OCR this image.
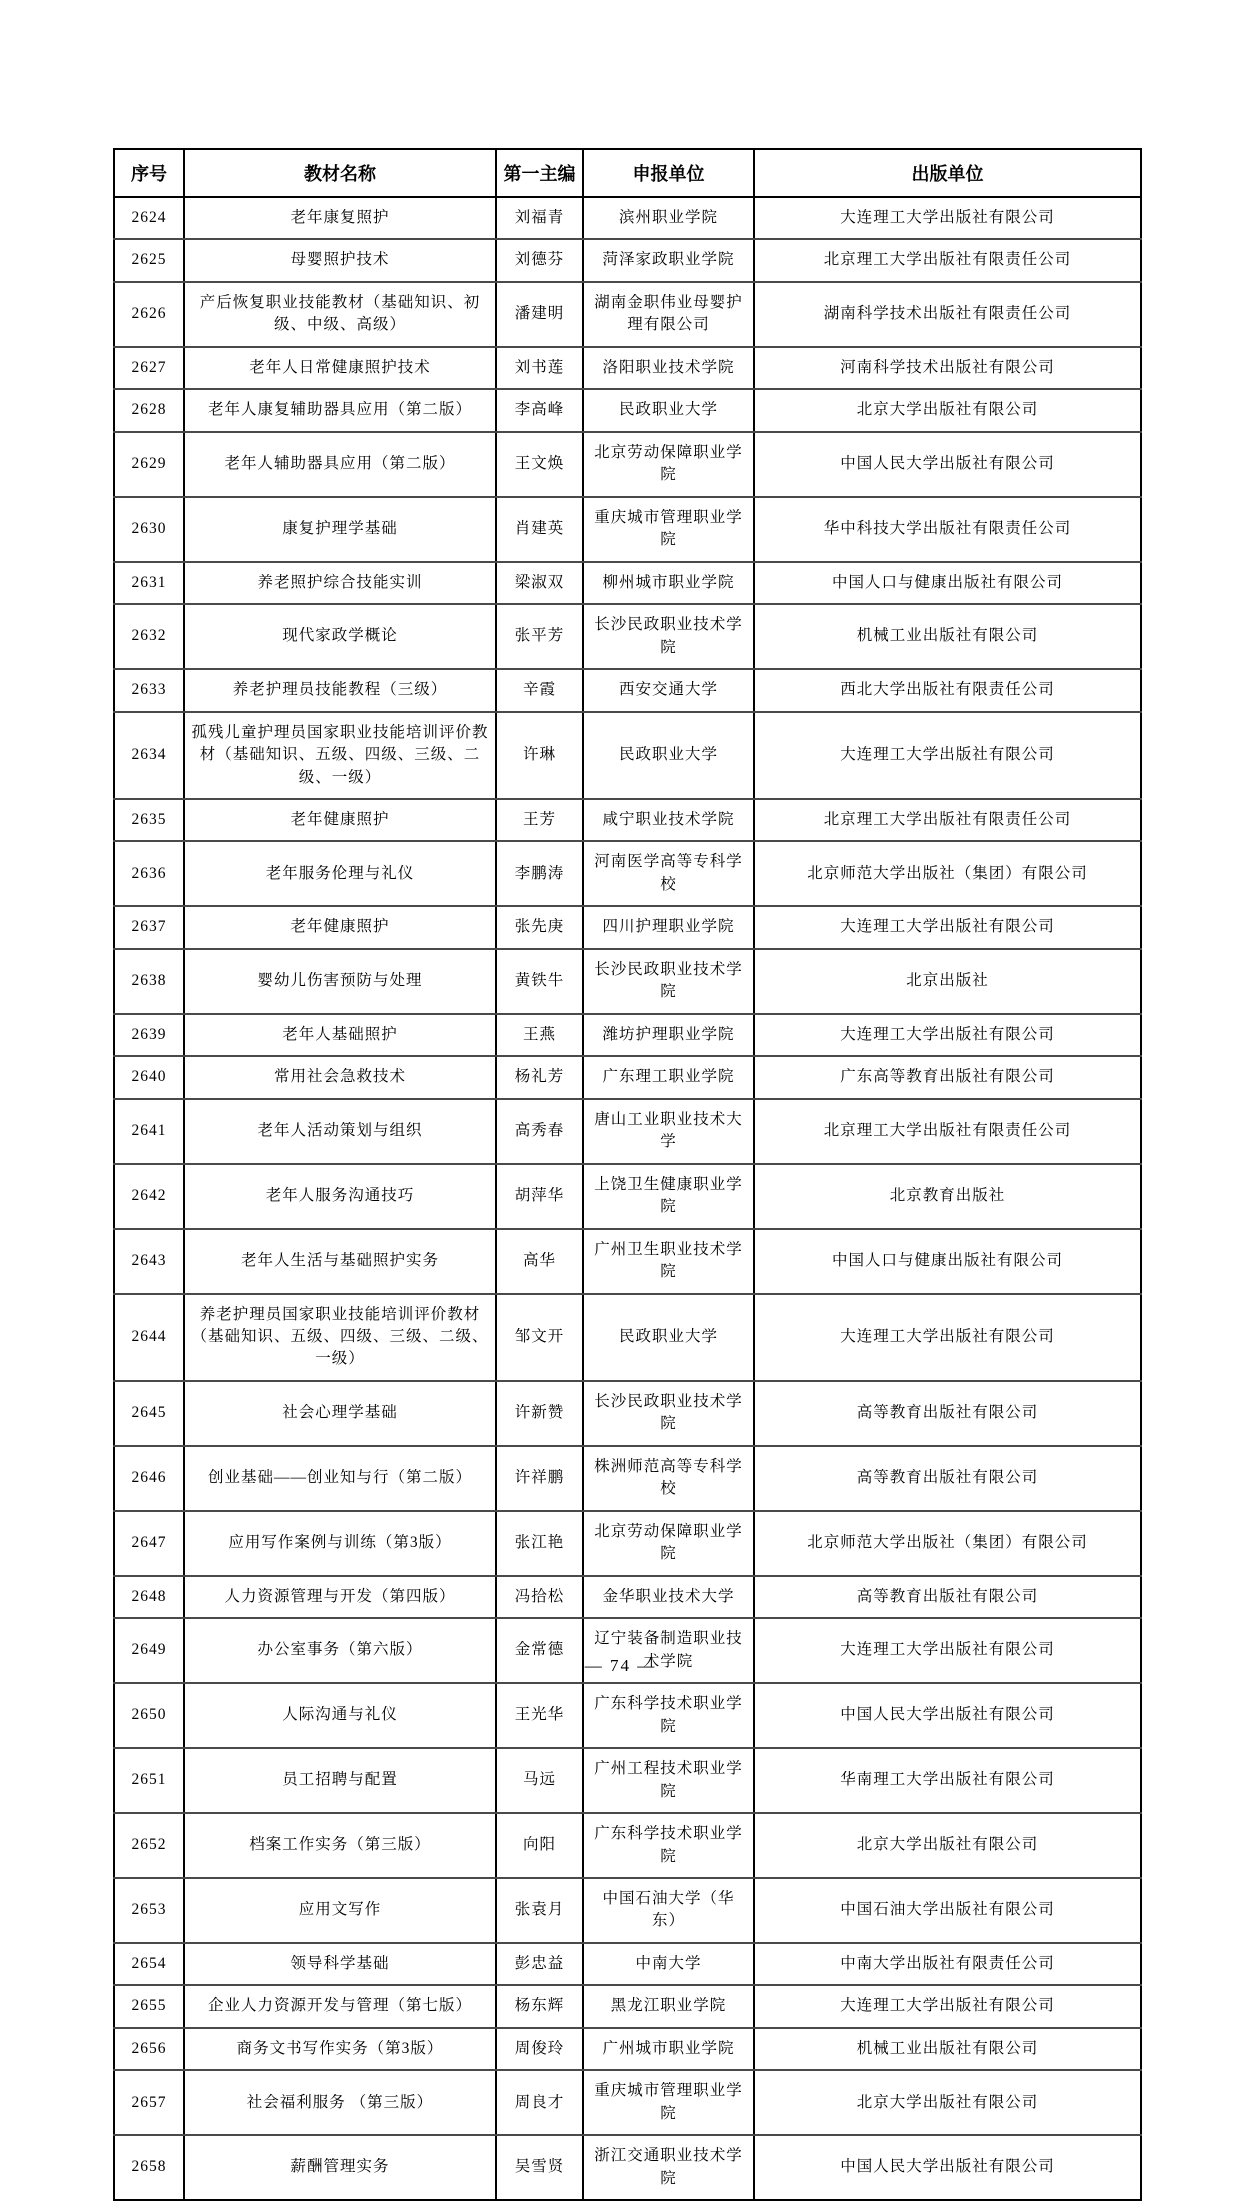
序号	教材名称	第一主编	申报单位	出版单位
2624	老年康复照护	刘福青	滨州职业学院	大连理工大学出版社有限公司
2625	母婴照护技术	刘德芬	菏泽家政职业学院	北京理工大学出版社有限责任公司
2626	产后恢复职业技能教材（基础知识、初级、中级、高级）	潘建明	湖南金职伟业母婴护理有限公司	湖南科学技术出版社有限责任公司
2627	老年人日常健康照护技术	刘书莲	洛阳职业技术学院	河南科学技术出版社有限公司
2628	老年人康复辅助器具应用（第二版）	李高峰	民政职业大学	北京大学出版社有限公司
2629	老年人辅助器具应用（第二版）	王文焕	北京劳动保障职业学院	中国人民大学出版社有限公司
2630	康复护理学基础	肖建英	重庆城市管理职业学院	华中科技大学出版社有限责任公司
2631	养老照护综合技能实训	梁淑双	柳州城市职业学院	中国人口与健康出版社有限公司
2632	现代家政学概论	张平芳	长沙民政职业技术学院	机械工业出版社有限公司
2633	养老护理员技能教程（三级）	辛霞	西安交通大学	西北大学出版社有限责任公司
2634	孤残儿童护理员国家职业技能培训评价教材（基础知识、五级、四级、三级、二级、一级）	许琳	民政职业大学	大连理工大学出版社有限公司
2635	老年健康照护	王芳	咸宁职业技术学院	北京理工大学出版社有限责任公司
2636	老年服务伦理与礼仪	李鹏涛	河南医学高等专科学校	北京师范大学出版社（集团）有限公司
2637	老年健康照护	张先庚	四川护理职业学院	大连理工大学出版社有限公司
2638	婴幼儿伤害预防与处理	黄铁牛	长沙民政职业技术学院	北京出版社
2639	老年人基础照护	王燕	潍坊护理职业学院	大连理工大学出版社有限公司
2640	常用社会急救技术	杨礼芳	广东理工职业学院	广东高等教育出版社有限公司
2641	老年人活动策划与组织	高秀春	唐山工业职业技术大学	北京理工大学出版社有限责任公司
2642	老年人服务沟通技巧	胡萍华	上饶卫生健康职业学院	北京教育出版社
2643	老年人生活与基础照护实务	高华	广州卫生职业技术学院	中国人口与健康出版社有限公司
2644	养老护理员国家职业技能培训评价教材（基础知识、五级、四级、三级、二级、一级）	邹文开	民政职业大学	大连理工大学出版社有限公司
2645	社会心理学基础	许新赞	长沙民政职业技术学院	高等教育出版社有限公司
2646	创业基础——创业知与行（第二版）	许祥鹏	株洲师范高等专科学校	高等教育出版社有限公司
2647	应用写作案例与训练（第3版）	张江艳	北京劳动保障职业学院	北京师范大学出版社（集团）有限公司
2648	人力资源管理与开发（第四版）	冯拾松	金华职业技术大学	高等教育出版社有限公司
2649	办公室事务（第六版）	金常德	辽宁装备制造职业技术学院	大连理工大学出版社有限公司
2650	人际沟通与礼仪	王光华	广东科学技术职业学院	中国人民大学出版社有限公司
2651	员工招聘与配置	马远	广州工程技术职业学院	华南理工大学出版社有限公司
2652	档案工作实务（第三版）	向阳	广东科学技术职业学院	北京大学出版社有限公司
2653	应用文写作	张袁月	中国石油大学（华东）	中国石油大学出版社有限公司
2654	领导科学基础	彭忠益	中南大学	中南大学出版社有限责任公司
2655	企业人力资源开发与管理（第七版）	杨东辉	黑龙江职业学院	大连理工大学出版社有限公司
2656	商务文书写作实务（第3版）	周俊玲	广州城市职业学院	机械工业出版社有限公司
2657	社会福利服务 （第三版）	周良才	重庆城市管理职业学院	北京大学出版社有限公司
2658	薪酬管理实务	吴雪贤	浙江交通职业技术学院	中国人民大学出版社有限公司
— 74 —
